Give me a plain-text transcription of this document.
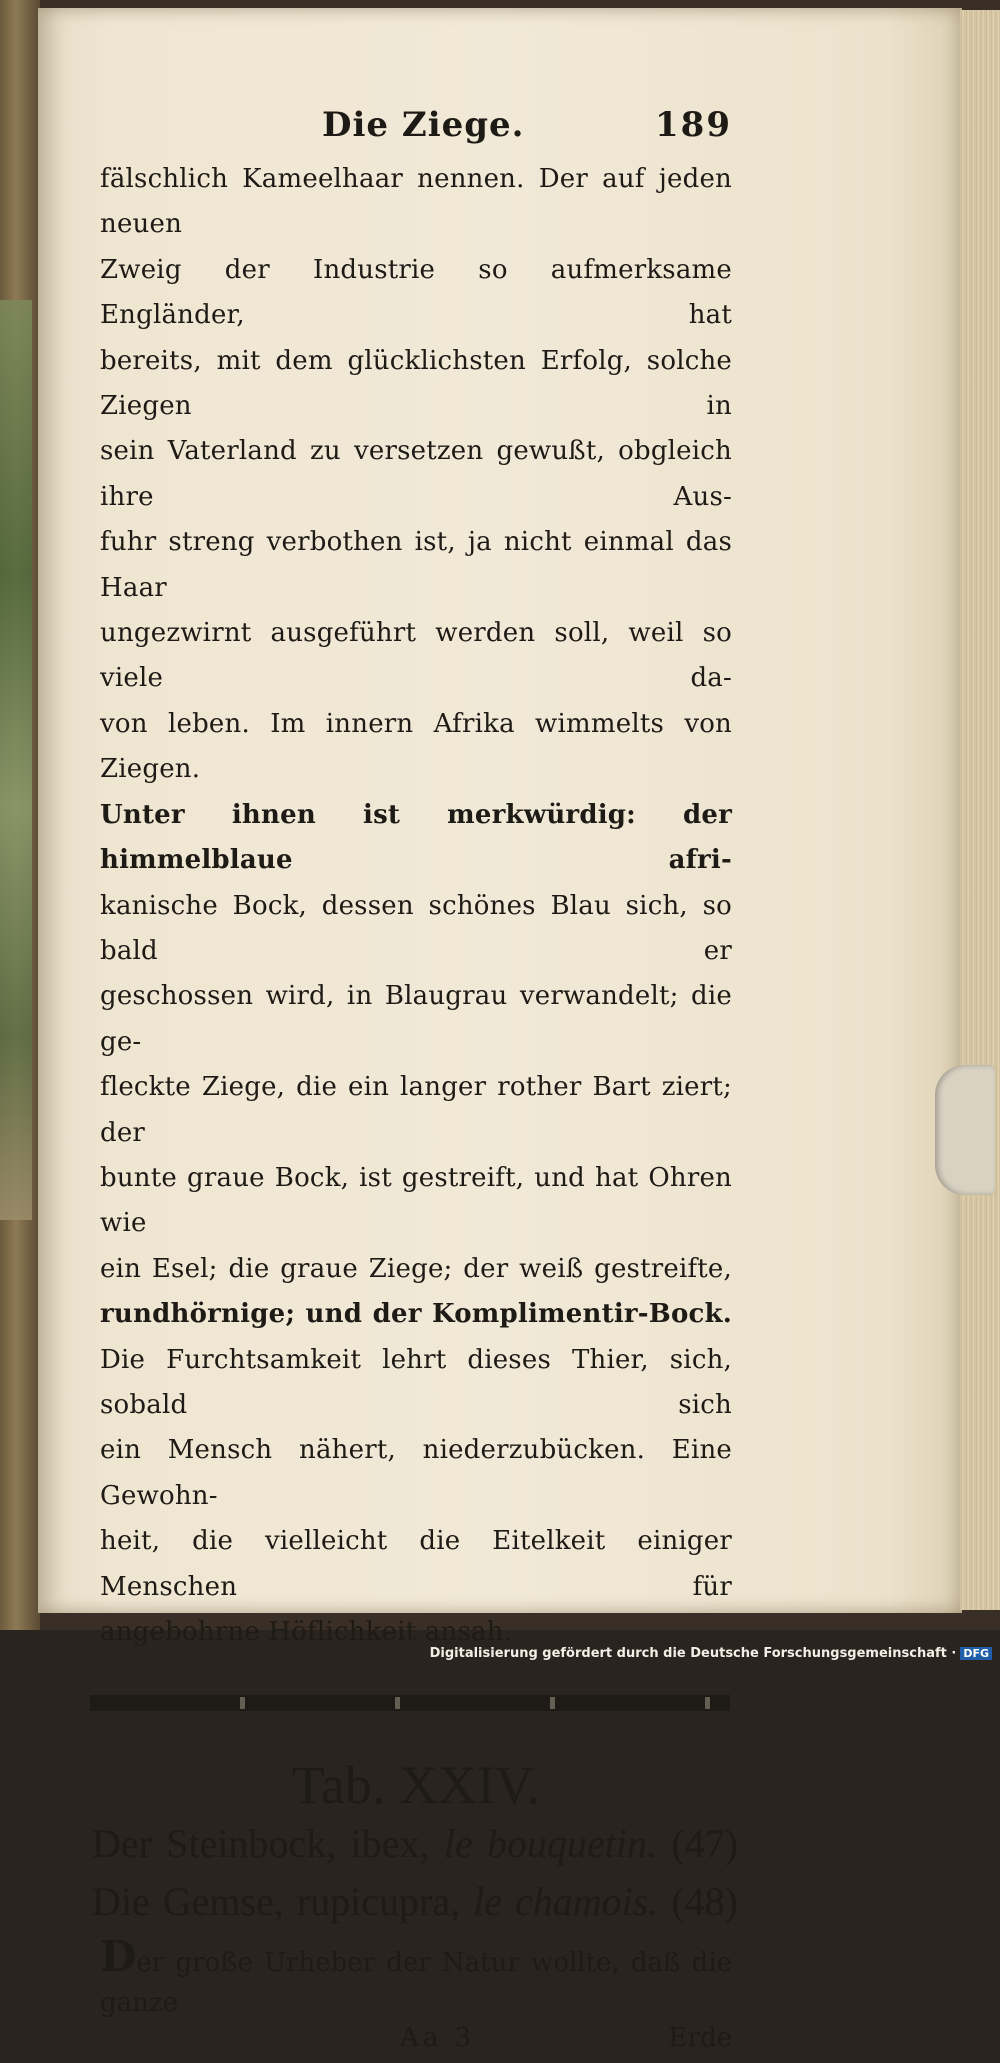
Die Ziege.	189

fälschlich Kameelhaar nennen. Der auf jeden neuen

Zweig der Industrie so aufmerksame Engländer, hat

bereits, mit dem glücklichsten Erfolg, solche Ziegen in

sein Vaterland zu versetzen gewußt, obgleich ihre Aus-

fuhr streng verbothen ist, ja nicht einmal das Haar

ungezwirnt ausgeführt werden soll, weil so viele da-

von leben. Im innern Afrika wimmelts von Ziegen.

Unter ihnen ist merkwürdig: der himmelblaue afri-

kanische Bock, dessen schönes Blau sich, so bald er

geschossen wird, in Blaugrau verwandelt; die ge-

fleckte Ziege, die ein langer rother Bart ziert; der

bunte graue Bock, ist gestreift, und hat Ohren wie

ein Esel; die graue Ziege; der weiß gestreifte,

rundhörnige; und der Komplimentir-Bock.

Die Furchtsamkeit lehrt dieses Thier, sich, sobald sich

ein Mensch nähert, niederzubücken. Eine Gewohn-

heit, die vielleicht die Eitelkeit einiger Menschen für

angebohrne Höflichkeit ansah.

Tab. XXIV.
Der Steinbock, ibex, le bouquetin. (47)
Die Gemse, rupicupra, le chamois. (48)
Der große Urheber der Natur wollte, daß die ganze
Aa 3	Erde
Digitalisierung gefördert durch die Deutsche Forschungsgemeinschaft · DFG
